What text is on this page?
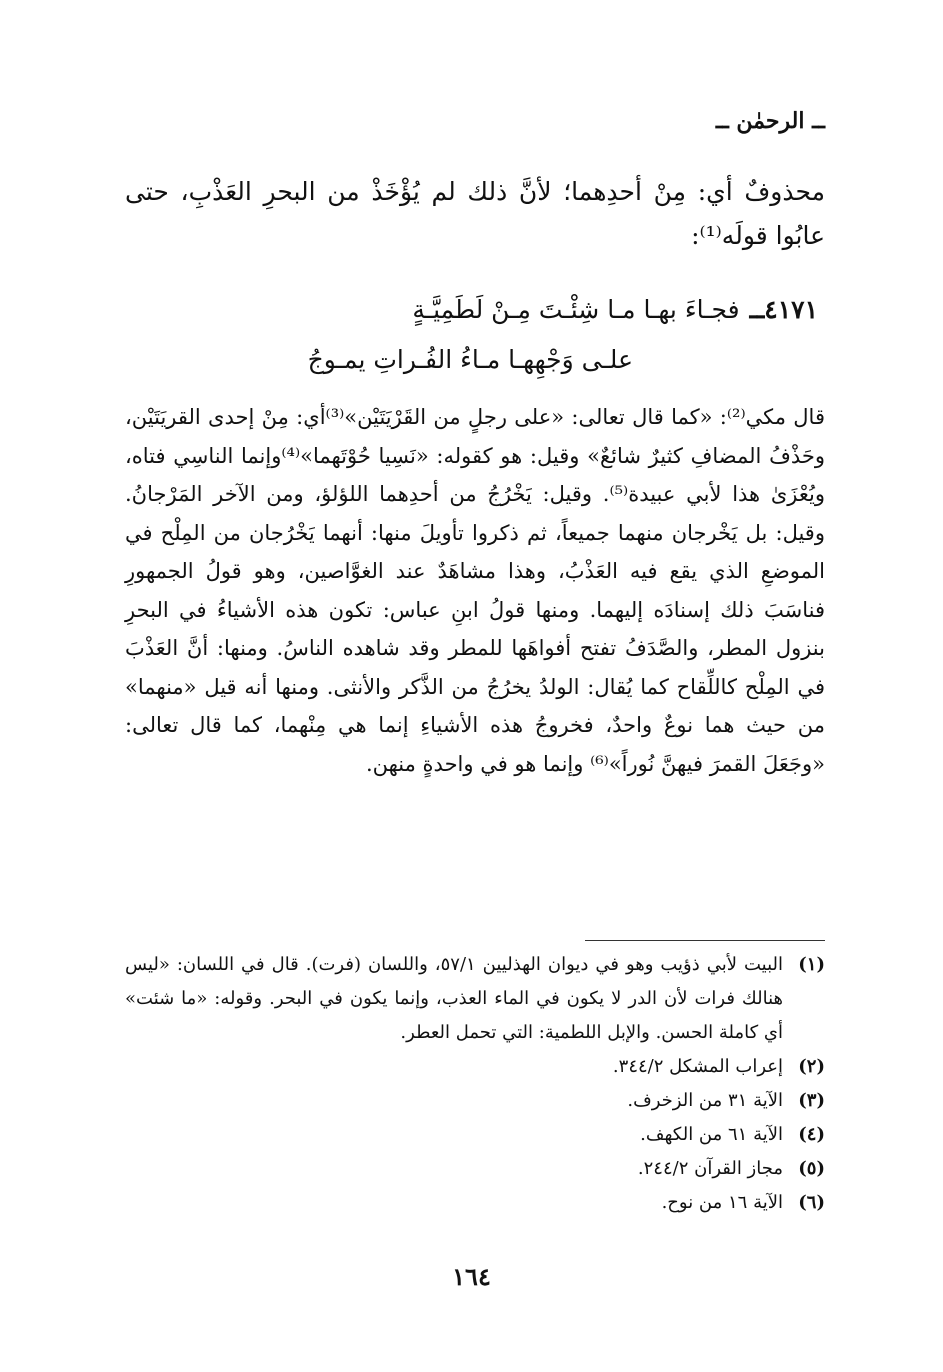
ــ الرحمٰن ــ

محذوفٌ أي: مِنْ أحدِهما؛ لأنَّ ذلك لم يُؤْخَذْ من البحرِ العَذْبِ، حتى عابُوا قولَه⁽¹⁾:

٤١٧١ــ
فجـاءَ بهـا مـا شِئْـتَ مِـنْ لَطَمِيَّـةٍ
علـى وَجْهِهـا مـاءُ الفُـراتِ يمـوجُ

قال مكي⁽²⁾: «كما قال تعالى: «على رجلٍ من القَرْيَتَيْن»⁽³⁾أي: مِنْ إحدى القريَتَيْن، وحَذْفُ المضافِ كثيرٌ شائعٌ» وقيل: هو كقوله: «نَسِيا حُوْتَهما»⁽⁴⁾وإنما الناسِي فتاه، ويُعْزَىٰ هذا لأبي عبيدة⁽⁵⁾. وقيل: يَخْرُجُ من أحدِهما اللؤلؤ، ومن الآخر المَرْجانُ. وقيل: بل يَخْرجان منهما جميعاً، ثم ذكروا تأويلَ منها: أنهما يَخْرُجان من المِلْح في الموضعِ الذي يقع فيه العَذْبُ، وهذا مشاهَدٌ عند الغوَّاصين، وهو قولُ الجمهورِ فناسَبَ ذلك إسنادَه إليهما. ومنها قولُ ابنِ عباس: تكون هذه الأشياءُ في البحرِ بنزول المطر، والصَّدَفُ تفتح أفواهَها للمطر وقد شاهده الناسُ. ومنها: أنَّ العَذْبَ في المِلْح كاللِّقاح كما يُقال: الولدُ يخرُجُ من الذَّكر والأنثى. ومنها أنه قيل «منهما» من حيث هما نوعٌ واحدٌ، فخروجُ هذه الأشياءِ إنما هي مِنْهما، كما قال تعالى: «وجَعَلَ القمرَ فيهنَّ نُوراً»⁽⁶⁾ وإنما هو في واحدةٍ منهن.

(١)
البيت لأبي ذؤيب وهو في ديوان الهذليين ٥٧/١، واللسان (فرت). قال في اللسان: «ليس هنالك فرات لأن الدر لا يكون في الماء العذب، وإنما يكون في البحر. وقوله: «ما شئت» أي كاملة الحسن. والإبل اللطمية: التي تحمل العطر.
(٢)
إعراب المشكل ٣٤٤/٢.
(٣)
الآية ٣١ من الزخرف.
(٤)
الآية ٦١ من الكهف.
(٥)
مجاز القرآن ٢٤٤/٢.
(٦)
الآية ١٦ من نوح.
١٦٤
